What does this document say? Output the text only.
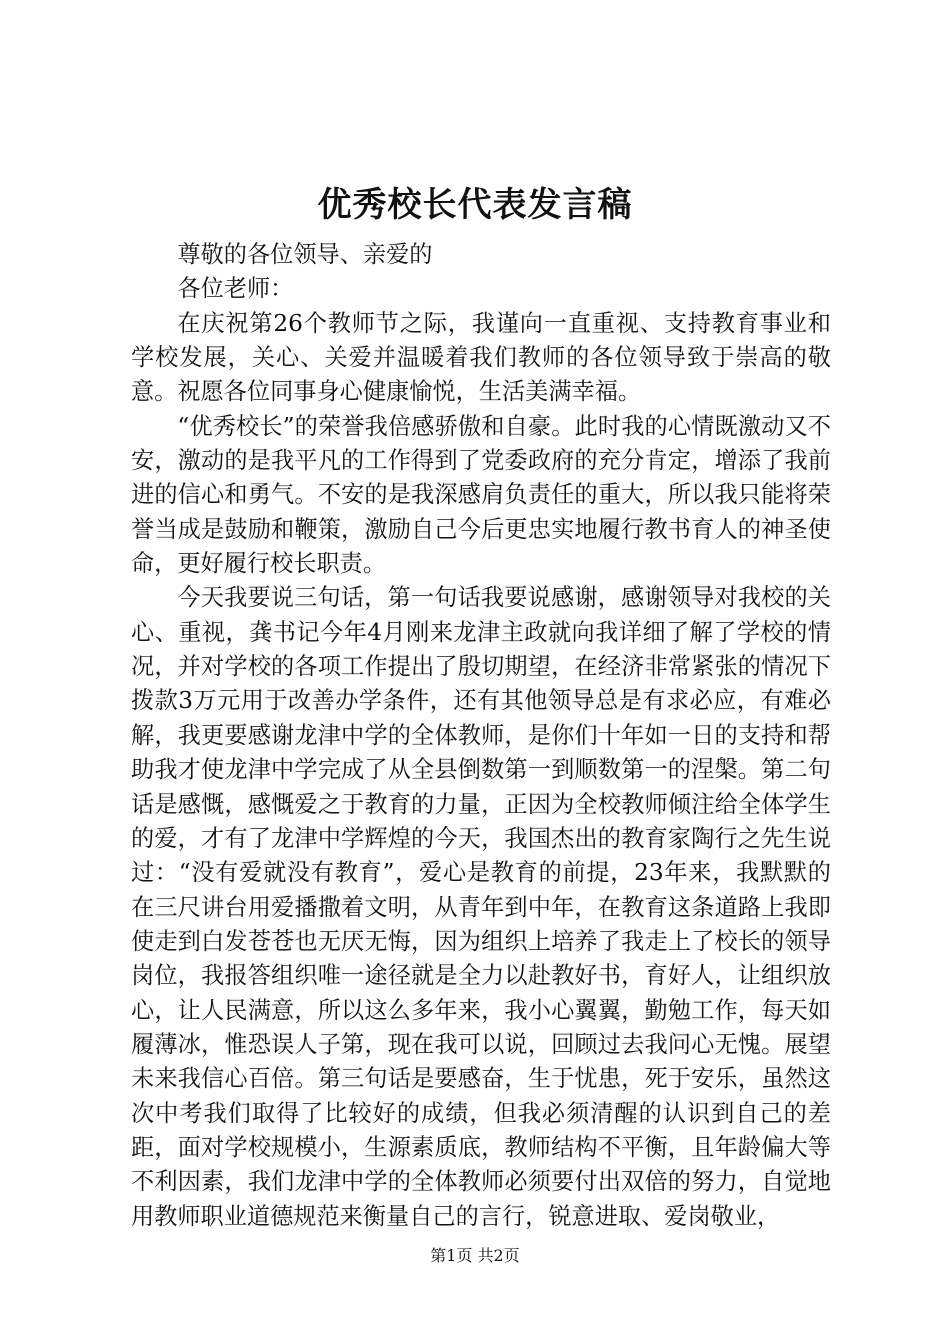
优秀校长代表发言稿

尊敬的各位领导、亲爱的

各位老师：

在庆祝第26个教师节之际，我谨向一直重视、支持教育事业和学校发展，关心、关爱并温暖着我们教师的各位领导致于崇高的敬意。祝愿各位同事身心健康愉悦，生活美满幸福。

“优秀校长”的荣誉我倍感骄傲和自豪。此时我的心情既激动又不安，激动的是我平凡的工作得到了党委政府的充分肯定，增添了我前进的信心和勇气。不安的是我深感肩负责任的重大，所以我只能将荣誉当成是鼓励和鞭策，激励自己今后更忠实地履行教书育人的神圣使命，更好履行校长职责。

今天我要说三句话，第一句话我要说感谢，感谢领导对我校的关心、重视，龚书记今年4月刚来龙津主政就向我详细了解了学校的情况，并对学校的各项工作提出了殷切期望，在经济非常紧张的情况下拨款3万元用于改善办学条件，还有其他领导总是有求必应，有难必解，我更要感谢龙津中学的全体教师，是你们十年如一日的支持和帮助我才使龙津中学完成了从全县倒数第一到顺数第一的涅槃。第二句话是感慨，感慨爱之于教育的力量，正因为全校教师倾注给全体学生的爱，才有了龙津中学辉煌的今天，我国杰出的教育家陶行之先生说过：“没有爱就没有教育”，爱心是教育的前提，23年来，我默默的在三尺讲台用爱播撒着文明，从青年到中年，在教育这条道路上我即使走到白发苍苍也无厌无悔，因为组织上培养了我走上了校长的领导岗位，我报答组织唯一途径就是全力以赴教好书，育好人，让组织放心，让人民满意，所以这么多年来，我小心翼翼，勤勉工作，每天如履薄冰，惟恐误人子第，现在我可以说，回顾过去我问心无愧。展望未来我信心百倍。第三句话是要感奋，生于忧患，死于安乐，虽然这次中考我们取得了比较好的成绩，但我必须清醒的认识到自己的差距，面对学校规模小，生源素质底，教师结构不平衡，且年龄偏大等不利因素，我们龙津中学的全体教师必须要付出双倍的努力，自觉地用教师职业道德规范来衡量自己的言行，锐意进取、爱岗敬业，

第1页 共2页
